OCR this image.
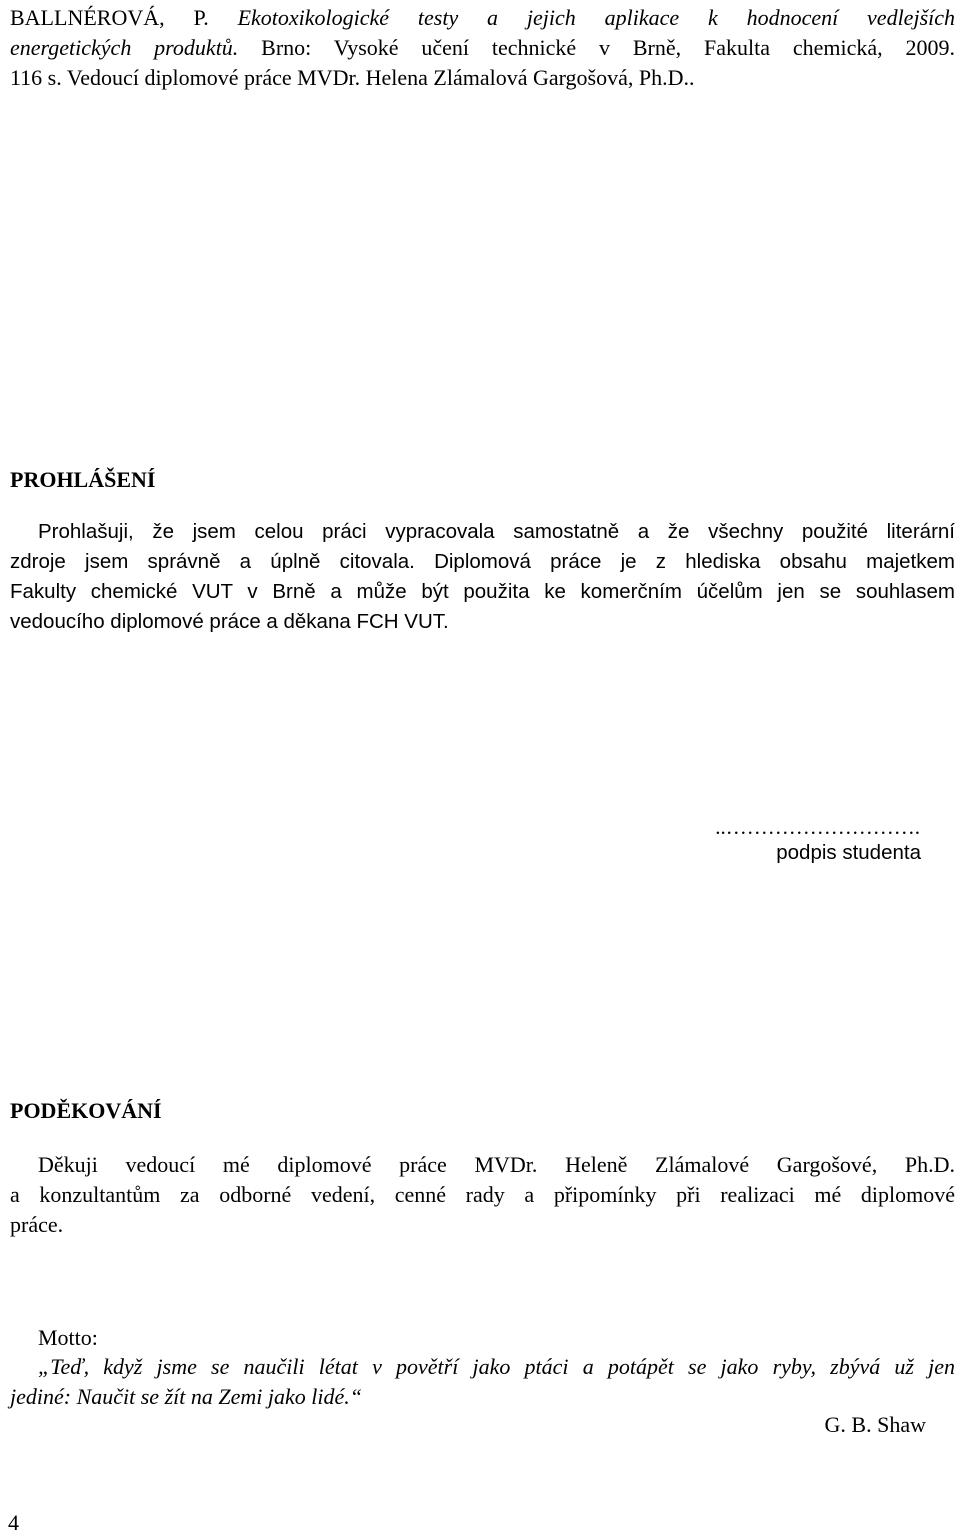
BALLNÉROVÁ, P. Ekotoxikologické testy a jejich aplikace k hodnocení vedlejších
energetických produktů. Brno: Vysoké učení technické v Brně, Fakulta chemická, 2009.
116 s. Vedoucí diplomové práce MVDr. Helena Zlámalová Gargošová, Ph.D..
PROHLÁŠENÍ
Prohlašuji, že jsem celou práci vypracovala samostatně a že všechny použité literární
zdroje jsem správně a úplně citovala. Diplomová práce je z hlediska obsahu majetkem
Fakulty chemické VUT v Brně a může být použita ke komerčním účelům jen se souhlasem
vedoucího diplomové práce a děkana FCH VUT.
..……………………….
podpis studenta
PODĚKOVÁNÍ
Děkuji vedoucí mé diplomové práce MVDr. Heleně Zlámalové Gargošové, Ph.D.
a konzultantům za odborné vedení, cenné rady a připomínky při realizaci mé diplomové
práce.
Motto:
„Teď, když jsme se naučili létat v povětří jako ptáci a potápět se jako ryby, zbývá už jen
jediné: Naučit se žít na Zemi jako lidé.“
G. B. Shaw
4
